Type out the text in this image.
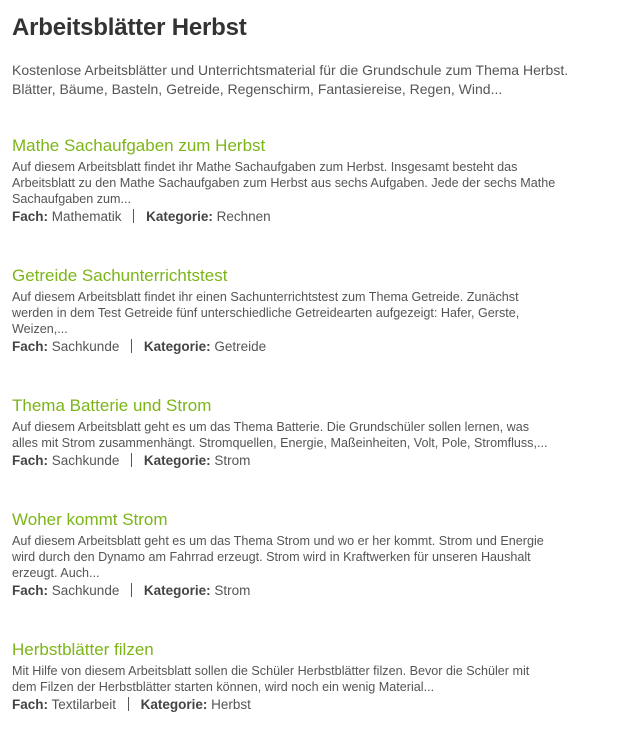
Arbeitsblätter Herbst

Kostenlose Arbeitsblätter und Unterrichtsmaterial für die Grundschule zum Thema Herbst.
Blätter, Bäume, Basteln, Getreide, Regenschirm, Fantasiereise, Regen, Wind...

Mathe Sachaufgaben zum Herbst

Auf diesem Arbeitsblatt findet ihr Mathe Sachaufgaben zum Herbst. Insgesamt besteht das
Arbeitsblatt zu den Mathe Sachaufgaben zum Herbst aus sechs Aufgaben. Jede der sechs Mathe
Sachaufgaben zum...

Fach: Mathematik Kategorie: Rechnen
Getreide Sachunterrichtstest

Auf diesem Arbeitsblatt findet ihr einen Sachunterrichtstest zum Thema Getreide. Zunächst
werden in dem Test Getreide fünf unterschiedliche Getreidearten aufgezeigt: Hafer, Gerste,
Weizen,...

Fach: Sachkunde Kategorie: Getreide
Thema Batterie und Strom

Auf diesem Arbeitsblatt geht es um das Thema Batterie. Die Grundschüler sollen lernen, was
alles mit Strom zusammenhängt. Stromquellen, Energie, Maßeinheiten, Volt, Pole, Stromfluss,...

Fach: Sachkunde Kategorie: Strom
Woher kommt Strom

Auf diesem Arbeitsblatt geht es um das Thema Strom und wo er her kommt. Strom und Energie
wird durch den Dynamo am Fahrrad erzeugt. Strom wird in Kraftwerken für unseren Haushalt
erzeugt. Auch...

Fach: Sachkunde Kategorie: Strom
Herbstblätter filzen

Mit Hilfe von diesem Arbeitsblatt sollen die Schüler Herbstblätter filzen. Bevor die Schüler mit
dem Filzen der Herbstblätter starten können, wird noch ein wenig Material...

Fach: Textilarbeit Kategorie: Herbst
